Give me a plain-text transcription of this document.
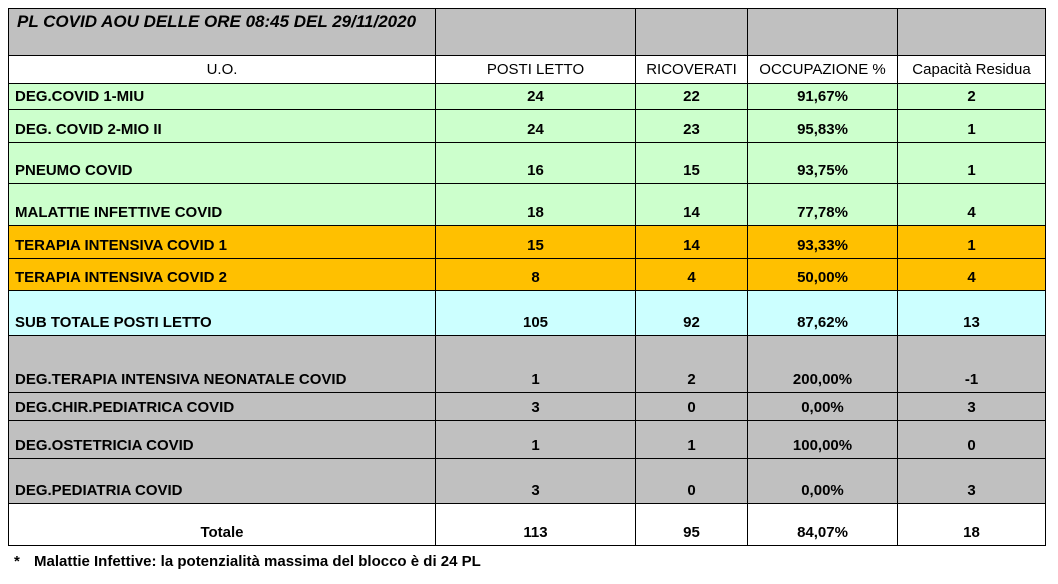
PL COVID AOU DELLE ORE 08:45 DEL 29/11/2020				
U.O.	POSTI LETTO	RICOVERATI	OCCUPAZIONE %	Capacità Residua
DEG.COVID 1-MIU	24	22	91,67%	2
DEG. COVID 2-MIO II	24	23	95,83%	1
PNEUMO COVID	16	15	93,75%	1
MALATTIE INFETTIVE COVID	18	14	77,78%	4
TERAPIA INTENSIVA COVID 1	15	14	93,33%	1
TERAPIA INTENSIVA COVID 2	8	4	50,00%	4
SUB TOTALE POSTI LETTO	105	92	87,62%	13
DEG.TERAPIA INTENSIVA NEONATALE COVID	1	2	200,00%	-1
DEG.CHIR.PEDIATRICA COVID	3	0	0,00%	3
DEG.OSTETRICIA COVID	1	1	100,00%	0
DEG.PEDIATRIA COVID	3	0	0,00%	3
Totale	113	95	84,07%	18
* Malattie Infettive: la potenzialità massima del blocco è di 24 PL
